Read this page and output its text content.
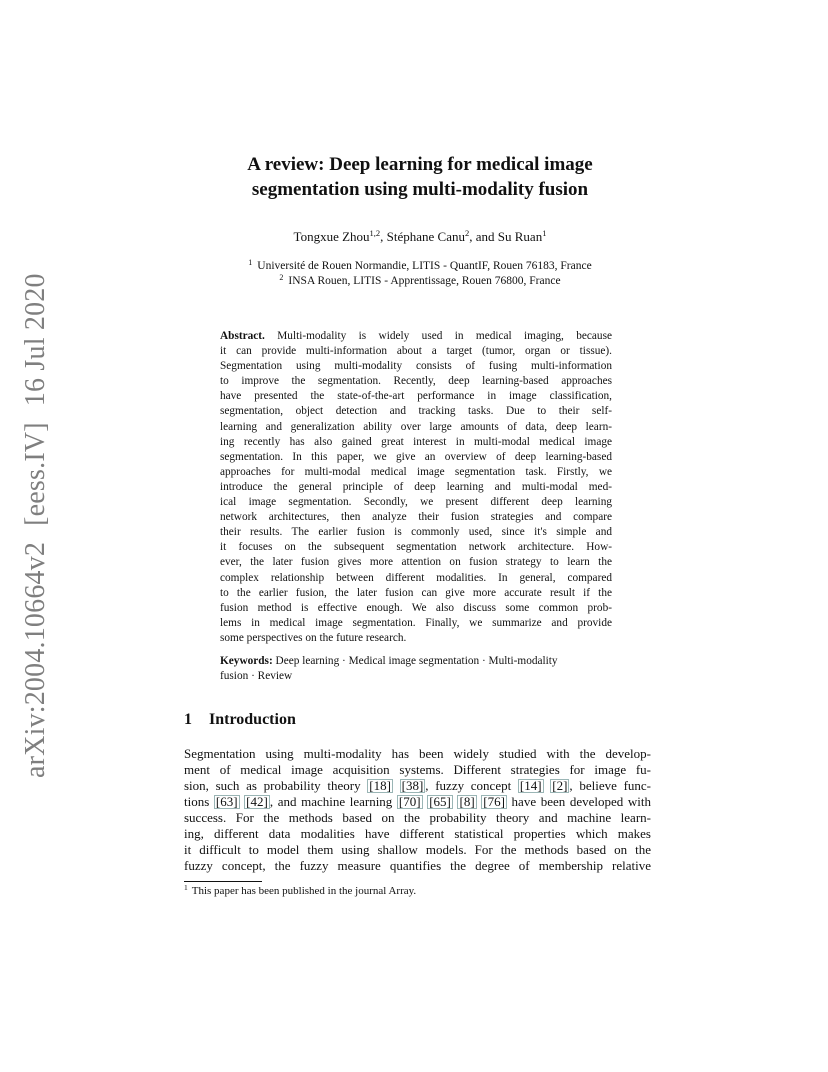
arXiv:2004.10664v2[eess.IV]16 Jul 2020
A review: Deep learning for medical image
segmentation using multi-modality fusion
Tongxue Zhou$^{1,2}$, Stéphane Canu$^2$, and Su Ruan$^1$
$^1$ Université de Rouen Normandie, LITIS - QuantIF, Rouen 76183, France
$^2$ INSA Rouen, LITIS - Apprentissage, Rouen 76800, France
Abstract. Multi-modality is widely used in medical imaging, because
it can provide multi-information about a target (tumor, organ or tissue).
Segmentation using multi-modality consists of fusing multi-information
to improve the segmentation. Recently, deep learning-based approaches
have presented the state-of-the-art performance in image classification,
segmentation, object detection and tracking tasks. Due to their self-
learning and generalization ability over large amounts of data, deep learn-
ing recently has also gained great interest in multi-modal medical image
segmentation. In this paper, we give an overview of deep learning-based
approaches for multi-modal medical image segmentation task. Firstly, we
introduce the general principle of deep learning and multi-modal med-
ical image segmentation. Secondly, we present different deep learning
network architectures, then analyze their fusion strategies and compare
their results. The earlier fusion is commonly used, since it's simple and
it focuses on the subsequent segmentation network architecture. How-
ever, the later fusion gives more attention on fusion strategy to learn the
complex relationship between different modalities. In general, compared
to the earlier fusion, the later fusion can give more accurate result if the
fusion method is effective enough. We also discuss some common prob-
lems in medical image segmentation. Finally, we summarize and provide
some perspectives on the future research.
Keywords: Deep learning · Medical image segmentation · Multi-modality
fusion · Review
1 Introduction
Segmentation using multi-modality has been widely studied with the develop-
ment of medical image acquisition systems. Different strategies for image fu-
sion, such as probability theory [18] [38] , fuzzy concept [14] [2] , believe func-
tions [63] [42] , and machine learning [70] [65] [8] [76] have been developed with
success. For the methods based on the probability theory and machine learn-
ing, different data modalities have different statistical properties which makes
it difficult to model them using shallow models. For the methods based on the
fuzzy concept, the fuzzy measure quantifies the degree of membership relative
$^1$ This paper has been published in the journal Array.
